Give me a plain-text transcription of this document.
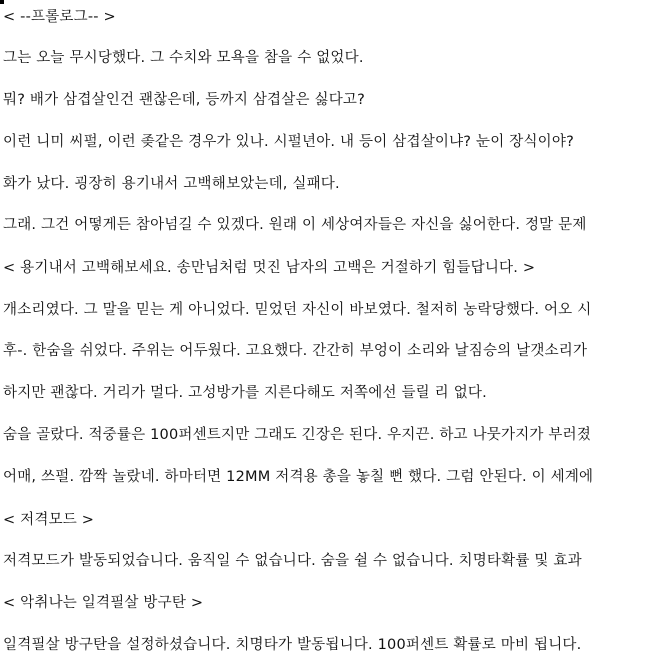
< --프롤로그-- >
그는 오늘 무시당했다. 그 수치와 모욕을 참을 수 없었다.
뭐? 배가 삼겹살인건 괜찮은데, 등까지 삼겹살은 싫다고?
이런 니미 씨펄, 이런 좆같은 경우가 있나. 시펄년아. 내 등이 삼겹살이냐? 눈이 장식이야?
화가 났다. 굉장히 용기내서 고백해보았는데, 실패다.
그래. 그건 어떻게든 참아넘길 수 있겠다. 원래 이 세상여자들은 자신을 싫어한다. 정말 문제
< 용기내서 고백해보세요. 송만님처럼 멋진 남자의 고백은 거절하기 힘들답니다. >
개소리였다. 그 말을 믿는 게 아니었다. 믿었던 자신이 바보였다. 철저히 농락당했다. 어오 시
후-. 한숨을 쉬었다. 주위는 어두웠다. 고요했다. 간간히 부엉이 소리와 날짐승의 날갯소리가
하지만 괜찮다. 거리가 멀다. 고성방가를 지른다해도 저쪽에선 들릴 리 없다.
숨을 골랐다. 적중률은 100퍼센트지만 그래도 긴장은 된다. 우지끈. 하고 나뭇가지가 부러졌
어매, 쓰펄. 깜짝 놀랐네. 하마터면 12MM 저격용 총을 놓칠 뻔 했다. 그럼 안된다. 이 세계에
< 저격모드 >
저격모드가 발동되었습니다. 움직일 수 없습니다. 숨을 쉴 수 없습니다. 치명타확률 및 효과
< 악취나는 일격필살 방구탄 >
일격필살 방구탄을 설정하셨습니다. 치명타가 발동됩니다. 100퍼센트 확률로 마비 됩니다.
